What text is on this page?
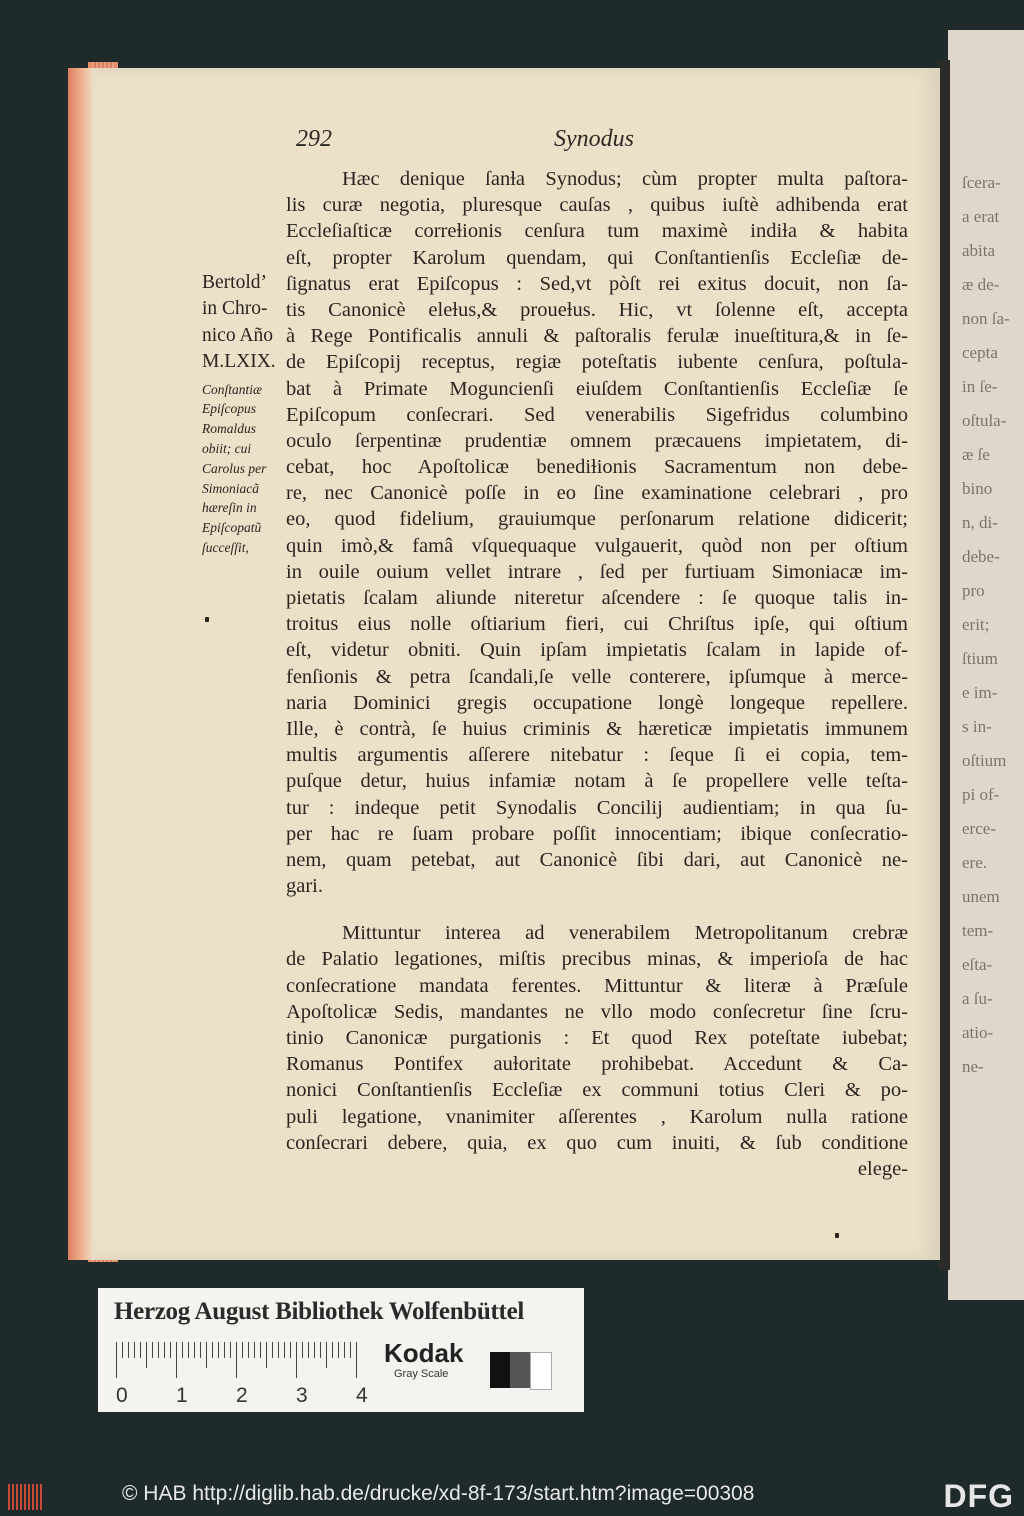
ſcera-
a erat
abita
æ de-
non ſa-
cepta
in ſe-
oſtula-
æ ſe
bino
n, di-
debe-
pro
erit;
ſtium
e im-
s in-
oſtium
pi of-
erce-
ere.
unem
tem-
eſta-
a ſu-
atio-
ne-
292	Synodus
Bertold’
in Chro-
nico Año
M.LXIX.
Conſtantiæ
Epiſcopus
Romaldus
obiit; cui
Carolus per
Simoniacã
hæreſin in
Epiſcopatũ
ſucceſſit,
Hæc denique ſanɫa Synodus; cùm propter multa paſtora-
lis curæ negotia, pluresque cauſas , quibus iuſtè adhibenda erat
Eccleſiaſticæ correɫionis cenſura tum maximè indiɫa & habita
eſt, propter Karolum quendam, qui Conſtantienſis Eccleſiæ de-
ſignatus erat Epiſcopus : Sed,vt pòſt rei exitus docuit, non ſa-
tis Canonicè eleɫus,& proueɫus. Hic, vt ſolenne eſt, accepta
à Rege Pontificalis annuli & paſtoralis ferulæ inueſtitura,& in ſe-
de Epiſcopij receptus, regiæ poteſtatis iubente cenſura, poſtula-
bat à Primate Moguncienſi eiuſdem Conſtantienſis Eccleſiæ ſe
Epiſcopum conſecrari. Sed venerabilis Sigefridus columbino
oculo ſerpentinæ prudentiæ omnem præcauens impietatem, di-
cebat, hoc Apoſtolicæ benediɫionis Sacramentum non debe-
re, nec Canonicè poſſe in eo ſine examinatione celebrari , pro
eo, quod fidelium, grauiumque perſonarum relatione didicerit;
quin imò,& famâ vſquequaque vulgauerit, quòd non per oſtium
in ouile ouium vellet intrare , ſed per furtiuam Simoniacæ im-
pietatis ſcalam aliunde niteretur aſcendere : ſe quoque talis in-
troitus eius nolle oſtiarium fieri, cui Chriſtus ipſe, qui oſtium
eſt, videtur obniti. Quin ipſam impietatis ſcalam in lapide of-
fenſionis & petra ſcandali,ſe velle conterere, ipſumque à merce-
naria Dominici gregis occupatione longè longeque repellere.
Ille, è contrà, ſe huius criminis & hæreticæ impietatis immunem
multis argumentis aſſerere nitebatur : ſeque ſi ei copia, tem-
puſque detur, huius infamiæ notam à ſe propellere velle teſta-
tur : indeque petit Synodalis Concilij audientiam; in qua ſu-
per hac re ſuam probare poſſit innocentiam; ibique conſecratio-
nem, quam petebat, aut Canonicè ſibi dari, aut Canonicè ne-
gari.
Mittuntur interea ad venerabilem Metropolitanum crebræ
de Palatio legationes, miſtis precibus minas, & imperioſa de hac
conſecratione mandata ferentes. Mittuntur & literæ à Præſule
Apoſtolicæ Sedis, mandantes ne vllo modo conſecretur ſine ſcru-
tinio Canonicæ purgationis : Et quod Rex poteſtate iubebat;
Romanus Pontifex auɫoritate prohibebat. Accedunt & Ca-
nonici Conſtantienſis Eccleſiæ ex communi totius Cleri & po-
puli legatione, vnanimiter aſſerentes , Karolum nulla ratione
conſecrari debere, quia, ex quo cum inuiti, & ſub conditione
elege-
Herzog August Bibliothek Wolfenbüttel
0 1 2 3 4
Kodak
Gray Scale
© HAB http://diglib.hab.de/drucke/xd-8f-173/start.htm?image=00308	DFG
